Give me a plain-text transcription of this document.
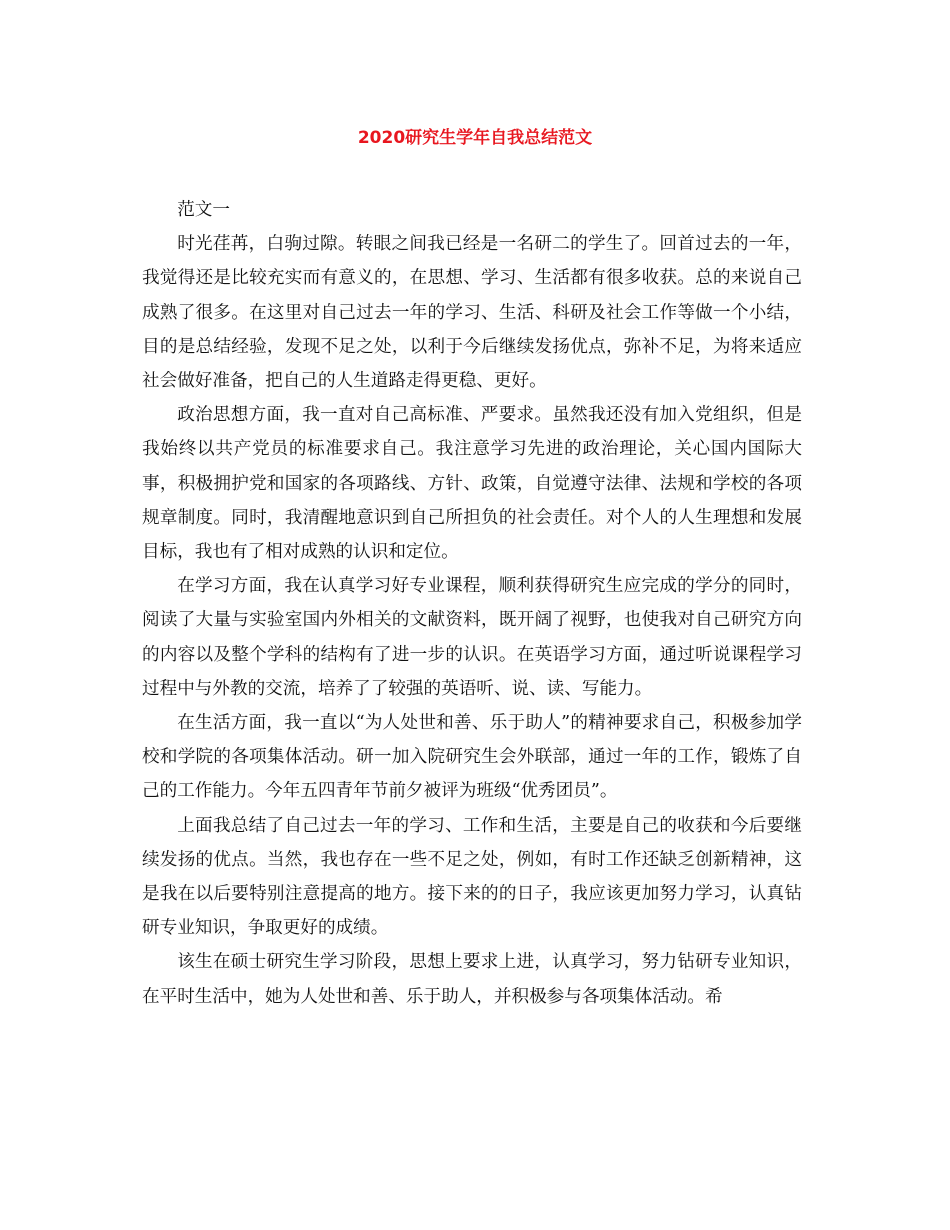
2020研究生学年自我总结范文

范文一

时光荏苒，白驹过隙。转眼之间我已经是一名研二的学生了。回首过去的一年，我觉得还是比较充实而有意义的，在思想、学习、生活都有很多收获。总的来说自己成熟了很多。在这里对自己过去一年的学习、生活、科研及社会工作等做一个小结，目的是总结经验，发现不足之处，以利于今后继续发扬优点，弥补不足，为将来适应社会做好准备，把自己的人生道路走得更稳、更好。

政治思想方面，我一直对自己高标准、严要求。虽然我还没有加入党组织，但是我始终以共产党员的标准要求自己。我注意学习先进的政治理论，关心国内国际大事，积极拥护党和国家的各项路线、方针、政策，自觉遵守法律、法规和学校的各项规章制度。同时，我清醒地意识到自己所担负的社会责任。对个人的人生理想和发展目标，我也有了相对成熟的认识和定位。

在学习方面，我在认真学习好专业课程，顺利获得研究生应完成的学分的同时，阅读了大量与实验室国内外相关的文献资料，既开阔了视野，也使我对自己研究方向的内容以及整个学科的结构有了进一步的认识。在英语学习方面，通过听说课程学习过程中与外教的交流，培养了了较强的英语听、说、读、写能力。

在生活方面，我一直以“为人处世和善、乐于助人”的精神要求自己，积极参加学校和学院的各项集体活动。研一加入院研究生会外联部，通过一年的工作，锻炼了自己的工作能力。今年五四青年节前夕被评为班级“优秀团员”。

上面我总结了自己过去一年的学习、工作和生活，主要是自己的收获和今后要继续发扬的优点。当然，我也存在一些不足之处，例如，有时工作还缺乏创新精神，这是我在以后要特别注意提高的地方。接下来的的日子，我应该更加努力学习，认真钻研专业知识，争取更好的成绩。

该生在硕士研究生学习阶段，思想上要求上进，认真学习，努力钻研专业知识，在平时生活中，她为人处世和善、乐于助人，并积极参与各项集体活动。希
